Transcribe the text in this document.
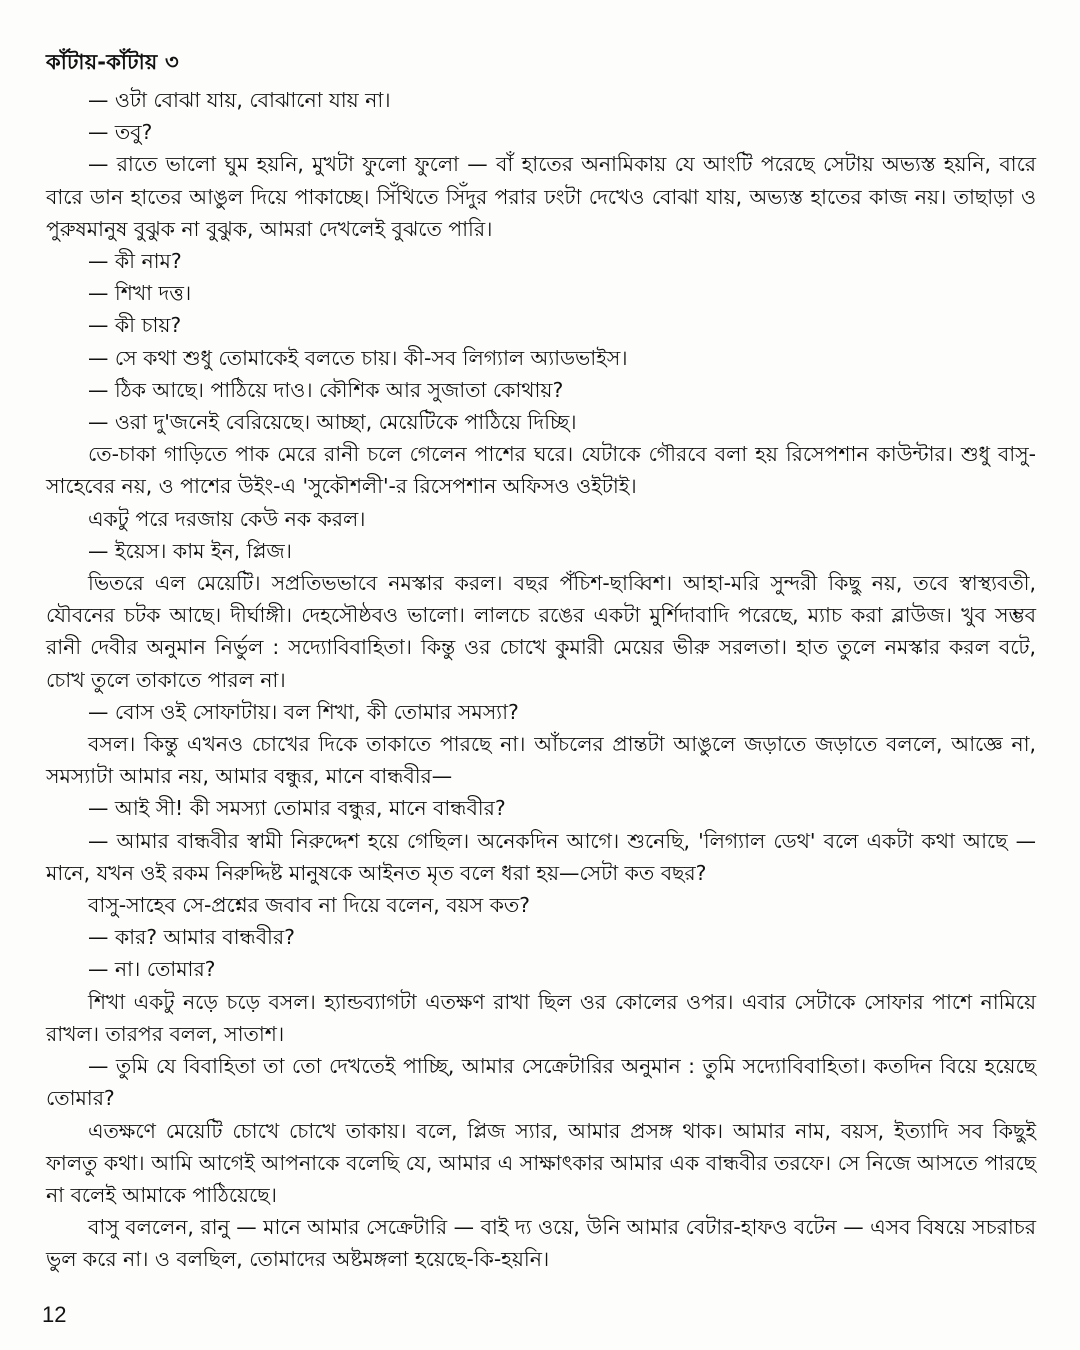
কাঁটায়-কাঁটায় ৩

— ওটা বোঝা যায়, বোঝানো যায় না।

— তবু?

— রাতে ভালো ঘুম হয়নি, মুখটা ফুলো ফুলো — বাঁ হাতের অনামিকায় যে আংটি পরেছে সেটায় অভ্যস্ত হয়নি, বারে বারে ডান হাতের আঙুল দিয়ে পাকাচ্ছে। সিঁথিতে সিঁদুর পরার ঢংটা দেখেও বোঝা যায়, অভ্যস্ত হাতের কাজ নয়। তাছাড়া ও পুরুষমানুষ বুঝুক না বুঝুক, আমরা দেখলেই বুঝতে পারি।

— কী নাম?

— শিখা দত্ত।

— কী চায়?

— সে কথা শুধু তোমাকেই বলতে চায়। কী-সব লিগ্যাল অ্যাডভাইস।

— ঠিক আছে। পাঠিয়ে দাও। কৌশিক আর সুজাতা কোথায়?

— ওরা দু'জনেই বেরিয়েছে। আচ্ছা, মেয়েটিকে পাঠিয়ে দিচ্ছি।

তে-চাকা গাড়িতে পাক মেরে রানী চলে গেলেন পাশের ঘরে। যেটাকে গৌরবে বলা হয় রিসেপশান কাউন্টার। শুধু বাসু-সাহেবের নয়, ও পাশের উইং-এ 'সুকৌশলী'-র রিসেপশান অফিসও ওইটাই।

একটু পরে দরজায় কেউ নক করল।

— ইয়েস। কাম ইন, প্লিজ।

ভিতরে এল মেয়েটি। সপ্রতিভভাবে নমস্কার করল। বছর পঁচিশ-ছাব্বিশ। আহা-মরি সুন্দরী কিছু নয়, তবে স্বাস্থ্যবতী, যৌবনের চটক আছে। দীর্ঘাঙ্গী। দেহসৌষ্ঠবও ভালো। লালচে রঙের একটা মুর্শিদাবাদি পরেছে, ম্যাচ করা ব্লাউজ। খুব সম্ভব রানী দেবীর অনুমান নির্ভুল : সদ্যোবিবাহিতা। কিন্তু ওর চোখে কুমারী মেয়ের ভীরু সরলতা। হাত তুলে নমস্কার করল বটে, চোখ তুলে তাকাতে পারল না।

— বোস ওই সোফাটায়। বল শিখা, কী তোমার সমস্যা?

বসল। কিন্তু এখনও চোখের দিকে তাকাতে পারছে না। আঁচলের প্রান্তটা আঙুলে জড়াতে জড়াতে বললে, আজ্ঞে না, সমস্যাটা আমার নয়, আমার বন্ধুর, মানে বান্ধবীর—

— আই সী! কী সমস্যা তোমার বন্ধুর, মানে বান্ধবীর?

— আমার বান্ধবীর স্বামী নিরুদ্দেশ হয়ে গেছিল। অনেকদিন আগে। শুনেছি, 'লিগ্যাল ডেথ' বলে একটা কথা আছে — মানে, যখন ওই রকম নিরুদ্দিষ্ট মানুষকে আইনত মৃত বলে ধরা হয়—সেটা কত বছর?

বাসু-সাহেব সে-প্রশ্নের জবাব না দিয়ে বলেন, বয়স কত?

— কার? আমার বান্ধবীর?

— না। তোমার?

শিখা একটু নড়ে চড়ে বসল। হ্যান্ডব্যাগটা এতক্ষণ রাখা ছিল ওর কোলের ওপর। এবার সেটাকে সোফার পাশে নামিয়ে রাখল। তারপর বলল, সাতাশ।

— তুমি যে বিবাহিতা তা তো দেখতেই পাচ্ছি, আমার সেক্রেটারির অনুমান : তুমি সদ্যোবিবাহিতা। কতদিন বিয়ে হয়েছে তোমার?

এতক্ষণে মেয়েটি চোখে চোখে তাকায়। বলে, প্লিজ স্যার, আমার প্রসঙ্গ থাক। আমার নাম, বয়স, ইত্যাদি সব কিছুই ফালতু কথা। আমি আগেই আপনাকে বলেছি যে, আমার এ সাক্ষাৎকার আমার এক বান্ধবীর তরফে। সে নিজে আসতে পারছে না বলেই আমাকে পাঠিয়েছে।

বাসু বললেন, রানু — মানে আমার সেক্রেটারি — বাই দ্য ওয়ে, উনি আমার বেটার-হাফও বটেন — এসব বিষয়ে সচরাচর ভুল করে না। ও বলছিল, তোমাদের অষ্টমঙ্গলা হয়েছে-কি-হয়নি।

12
